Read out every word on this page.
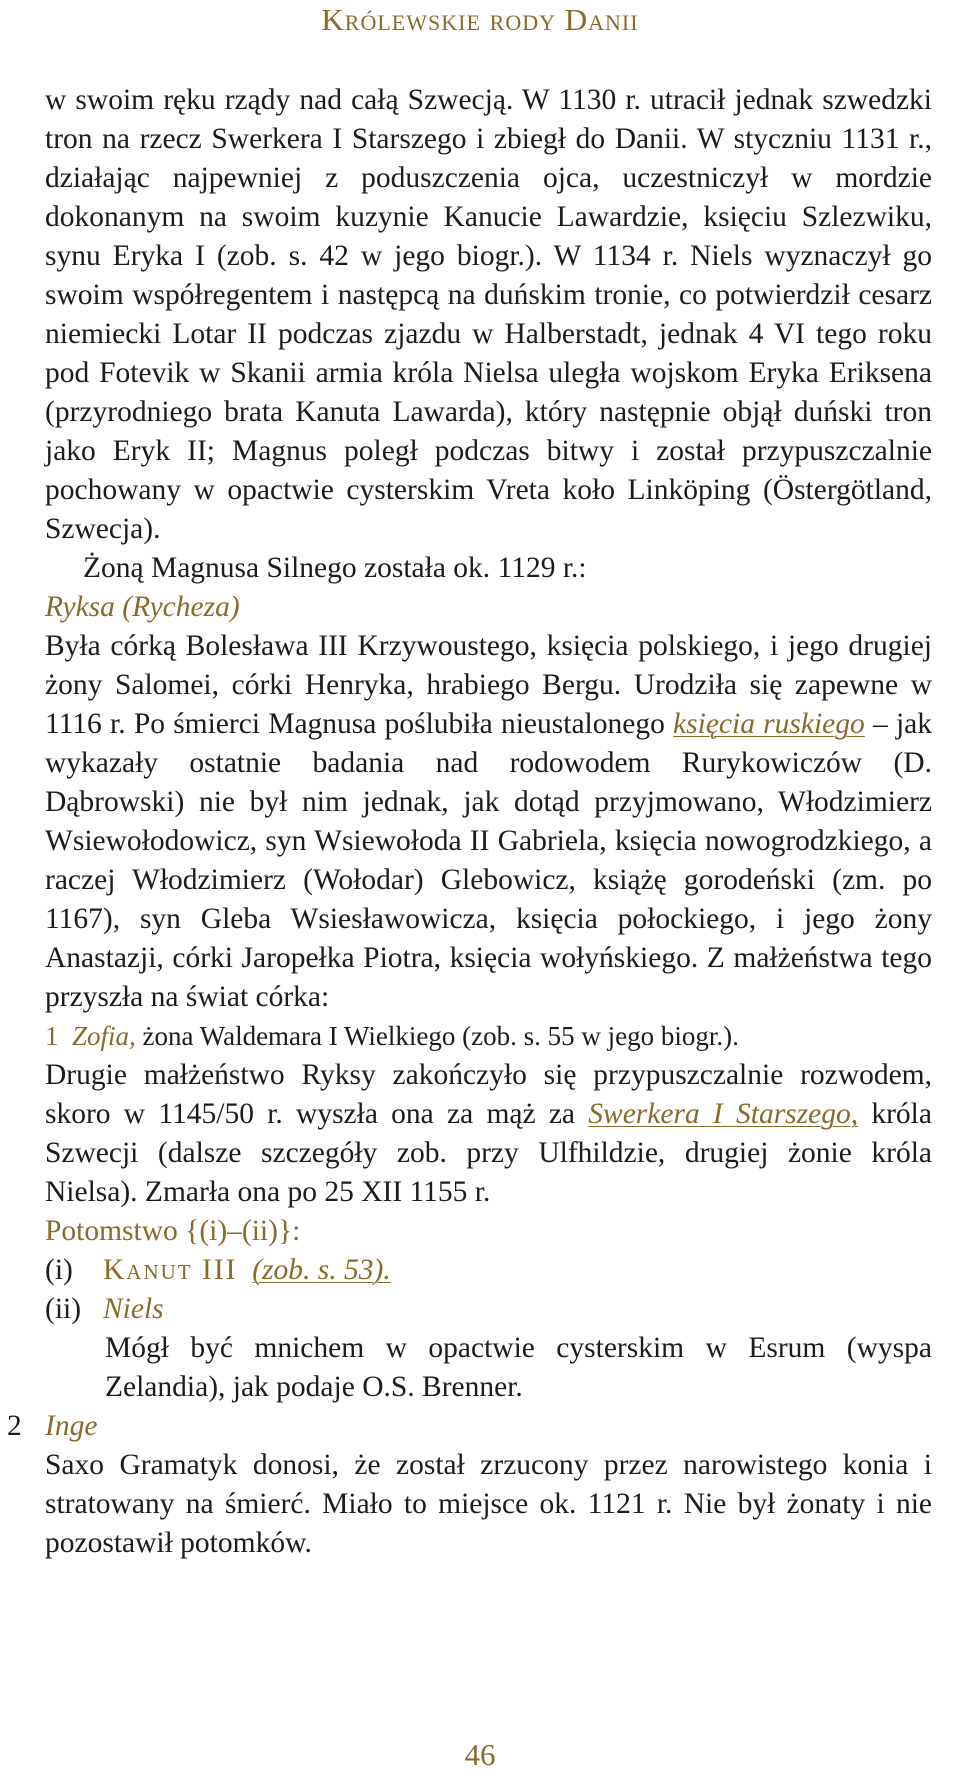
Królewskie rody Danii

w swoim ręku rządy nad całą Szwecją. W 1130 r. utracił jednak szwedzki tron na rzecz Swerkera I Starszego i zbiegł do Danii. W styczniu 1131 r., działając najpewniej z poduszczenia ojca, uczestniczył w mordzie dokonanym na swoim kuzynie Kanucie Lawardzie, księciu Szlezwiku, synu Eryka I (zob. s. 42 w jego biogr.). W 1134 r. Niels wyznaczył go swoim współregentem i następcą na duńskim tronie, co potwierdził cesarz niemiecki Lotar II podczas zjazdu w Halberstadt, jednak 4 VI tego roku pod Fotevik w Skanii armia króla Nielsa uległa wojskom Eryka Eriksena (przyrodniego brata Kanuta Lawarda), który następnie objął duński tron jako Eryk II; Magnus poległ podczas bitwy i został przypuszczalnie pochowany w opactwie cysterskim Vreta koło Linköping (Östergötland, Szwecja).

Żoną Magnusa Silnego została ok. 1129 r.:

Ryksa (Rycheza)

Była córką Bolesława III Krzywoustego, księcia polskiego, i jego drugiej żony Salomei, córki Henryka, hrabiego Bergu. Urodziła się zapewne w 1116 r. Po śmierci Magnusa poślubiła nieustalonego księcia ruskiego – jak wykazały ostatnie badania nad rodowodem Rurykowiczów (D. Dąbrowski) nie był nim jednak, jak dotąd przyjmowano, Włodzimierz Wsiewołodowicz, syn Wsiewołoda II Gabriela, księcia nowogrodzkiego, a raczej Włodzimierz (Wołodar) Glebowicz, książę gorodeński (zm. po 1167), syn Gleba Wsiesławowicza, księcia połockiego, i jego żony Anastazji, córki Jaropełka Piotra, księcia wołyńskiego. Z małżeństwa tego przyszła na świat córka:

1 Zofia, żona Waldemara I Wielkiego (zob. s. 55 w jego biogr.).

Drugie małżeństwo Ryksy zakończyło się przypuszczalnie rozwodem, skoro w 1145/50 r. wyszła ona za mąż za Swerkera I Starszego, króla Szwecji (dalsze szczegóły zob. przy Ulfhildzie, drugiej żonie króla Nielsa). Zmarła ona po 25 XII 1155 r.

Potomstwo {(i)–(ii)}:

(i)	Kanut III (zob. s. 53).
(ii) Niels

Mógł być mnichem w opactwie cysterskim w Esrum (wyspa Zelandia), jak podaje O.S. Brenner.

2 Inge

Saxo Gramatyk donosi, że został zrzucony przez narowistego konia i stratowany na śmierć. Miało to miejsce ok. 1121 r. Nie był żonaty i nie pozostawił potomków.

46
